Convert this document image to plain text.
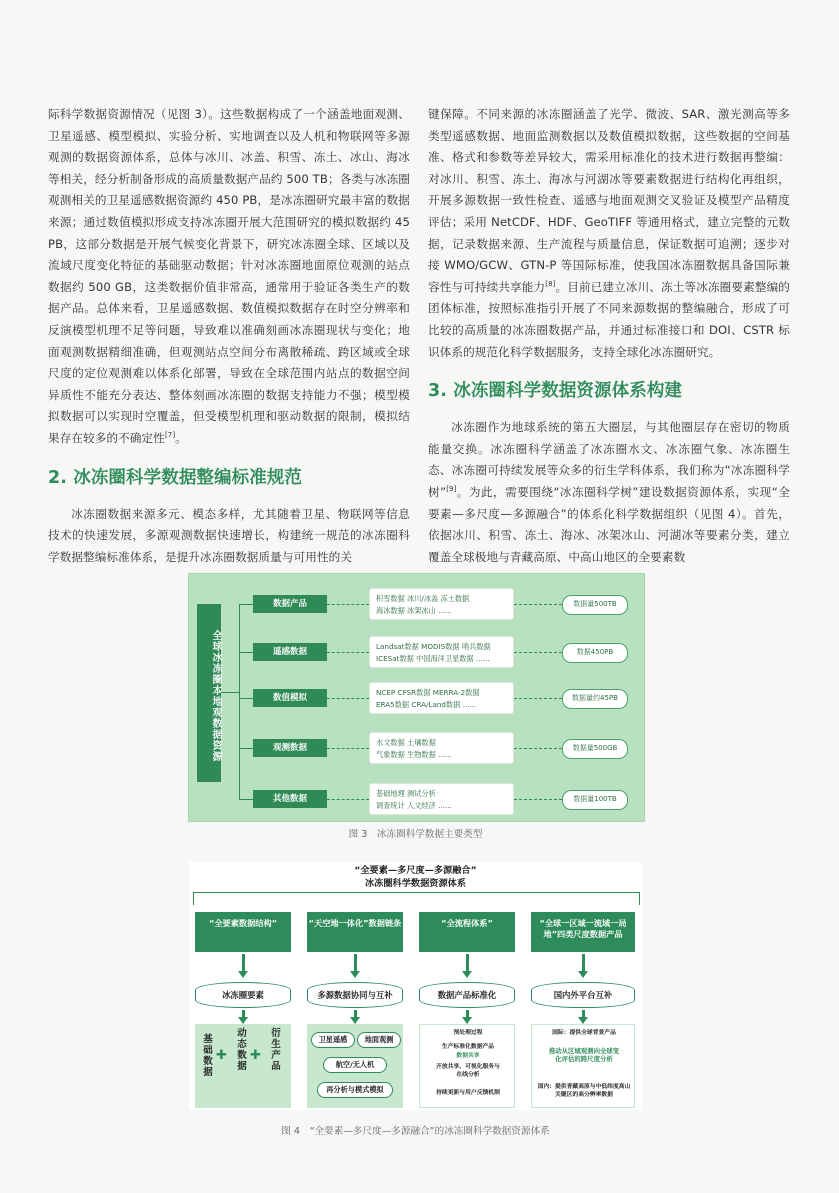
际科学数据资源情况（见图 3）。这些数据构成了一个涵盖地面观测、卫星遥感、模型模拟、实验分析、实地调查以及人机和物联网等多源观测的数据资源体系，总体与冰川、冰盖、积雪、冻土、冰山、海冰等相关，经分析制备形成的高质量数据产品约 500 TB；各类与冰冻圈观测相关的卫星遥感数据资源约 450 PB，是冰冻圈研究最丰富的数据来源；通过数值模拟形成支持冰冻圈开展大范围研究的模拟数据约 45 PB，这部分数据是开展气候变化背景下，研究冰冻圈全球、区域以及流域尺度变化特征的基础驱动数据；针对冰冻圈地面原位观测的站点数据约 500 GB，这类数据价值非常高，通常用于验证各类生产的数据产品。总体来看，卫星遥感数据、数值模拟数据存在时空分辨率和反演模型机理不足等问题，导致难以准确刻画冰冻圈现状与变化；地面观测数据精细准确，但观测站点空间分布离散稀疏、跨区域或全球尺度的定位观测难以体系化部署，导致在全球范围内站点的数据空间异质性不能充分表达、整体刻画冰冻圈的数据支持能力不强；模型模拟数据可以实现时空覆盖，但受模型机理和驱动数据的限制，模拟结果存在较多的不确定性[7]。

2. 冰冻圈科学数据整编标准规范

冰冻圈数据来源多元、模态多样，尤其随着卫星、物联网等信息技术的快速发展，多源观测数据快速增长，构建统一规范的冰冻圈科学数据整编标准体系，是提升冰冻圈数据质量与可用性的关

键保障。不同来源的冰冻圈涵盖了光学、微波、SAR、激光测高等多类型遥感数据、地面监测数据以及数值模拟数据，这些数据的空间基准、格式和参数等差异较大，需采用标准化的技术进行数据再整编：对冰川、积雪、冻土、海冰与河湖冰等要素数据进行结构化再组织，开展多源数据一致性检查、遥感与地面观测交叉验证及模型产品精度评估；采用 NetCDF、HDF、GeoTIFF 等通用格式，建立完整的元数据，记录数据来源、生产流程与质量信息，保证数据可追溯；逐步对接 WMO/GCW、GTN-P 等国际标准，使我国冰冻圈数据具备国际兼容性与可持续共享能力[8]。目前已建立冰川、冻土等冰冻圈要素整编的团体标准，按照标准指引开展了不同来源数据的整编融合，形成了可比较的高质量的冰冻圈数据产品，并通过标准接口和 DOI、CSTR 标识体系的规范化科学数据服务，支持全球化冰冻圈研究。

3. 冰冻圈科学数据资源体系构建

冰冻圈作为地球系统的第五大圈层，与其他圈层存在密切的物质能量交换。冰冻圈科学涵盖了冰冻圈水文、冰冻圈气象、冰冻圈生态、冰冻圈可持续发展等众多的衍生学科体系，我们称为“冰冻圈科学树”[9]。为此，需要围绕“冰冻圈科学树”建设数据资源体系，实现“全要素—多尺度—多源融合”的体系化科学数据组织（见图 4）。首先，依据冰川、积雪、冻土、海冰、冰架冰山、河湖冰等要素分类，建立覆盖全球极地与青藏高原、中高山地区的全要素数

全球冰冻圈本地观数据资源
数据产品
积雪数据 冰川/冰盖 冻土数据
海冰数据 冰架冰山 ......
数据量500TB
遥感数据
Landsat数据 MODIS数据 哨兵数据
ICESat数据 中国海洋卫星数据 ......
数据450PB
数值模拟
NCEP CFSR数据 MERRA-2数据
ERA5数据 CRA/Land数据 ......
数据量约45PB
观测数据
水文数据 土壤数据
气象数据 生物数据 ......
数据量500GB
其他数据
基础地理 测试分析
调查统计 人文经济 ......
数据量100TB
图 3　冰冻圈科学数据主要类型
“全要素—多尺度—多源融合”
冰冻圈科学数据资源体系
“全要素数据结构”
冰冻圈要素
基础数据
✚
动态数据
✚
衍生产品
“天空地一体化”数据链条
多源数据协同与互补
卫星遥感	地面观测
航空/无人机
再分析与模式模拟
“全流程体系”
数据产品标准化
预处理过程
生产标准化数据产品
数据共享
开放共享、可视化服务与在线分析
持续更新与用户反馈机制
“全球一区域一流域一局地”四类尺度数据产品
国内外平台互补
国际：提供全球背景产品
推动从区域观测向全球变化评估的跨尺度分析
国内：提供青藏高原与中低纬度高山关键区的高分辨率数据
图 4　“全要素—多尺度—多源融合”的冰冻圈科学数据资源体系
